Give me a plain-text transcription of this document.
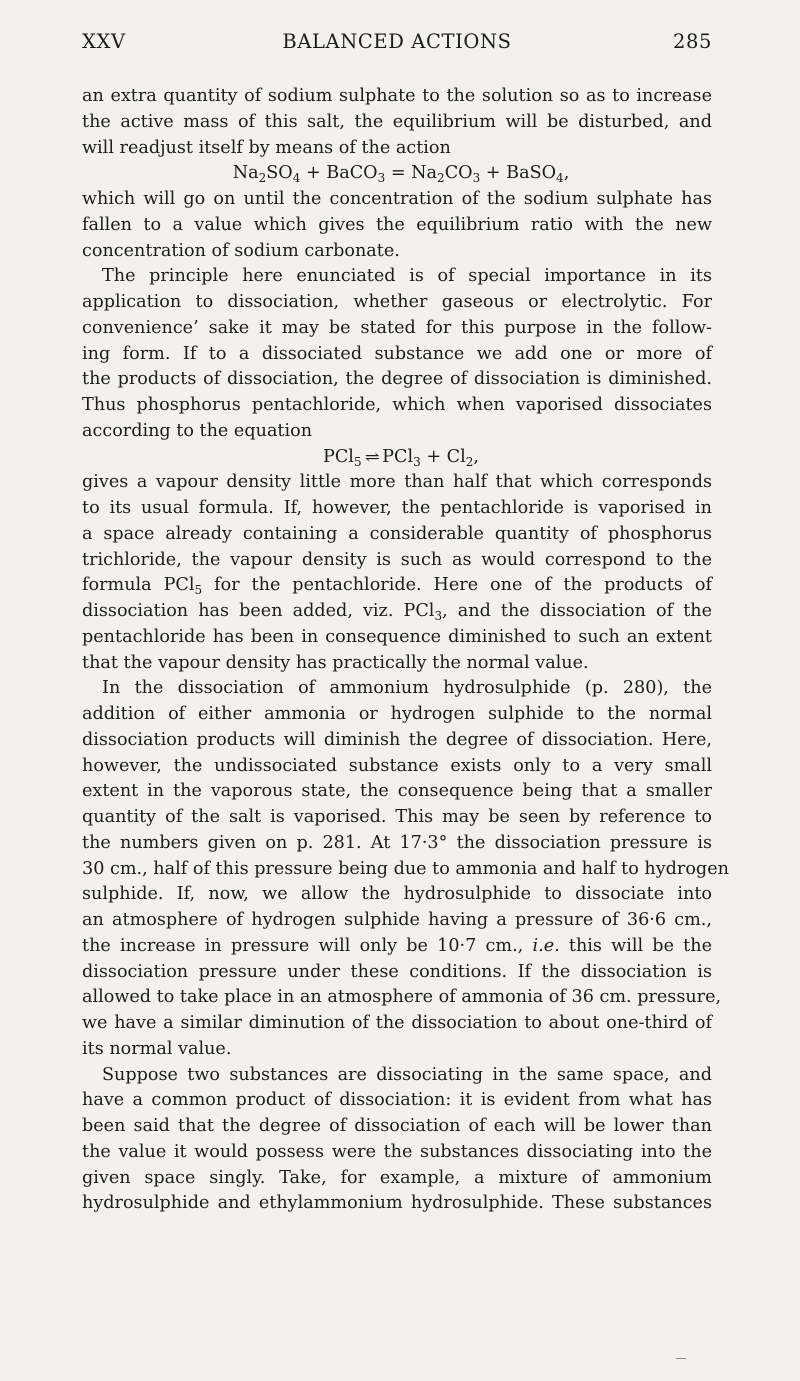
XXV	BALANCED ACTIONS	285
an extra quantity of sodium sulphate to the solution so as to increase
the active mass of this salt, the equilibrium will be disturbed, and
will readjust itself by means of the action
$Na_2SO_4$ + BaCO$_3$ = $Na_2CO_3$ + BaSO$_4$,
which will go on until the concentration of the sodium sulphate has
fallen to a value which gives the equilibrium ratio with the new
concentration of sodium carbonate.
The principle here enunciated is of special importance in its
application to dissociation, whether gaseous or electrolytic. For
convenience’ sake it may be stated for this purpose in the follow-
ing form. If to a dissociated substance we add one or more of
the products of dissociation, the degree of dissociation is diminished.
Thus phosphorus pentachloride, which when vaporised dissociates
according to the equation
PCl$_5$ ⇌ $PCl_3 + Cl_2$,
gives a vapour density little more than half that which corresponds
to its usual formula. If, however, the pentachloride is vaporised in
a space already containing a considerable quantity of phosphorus
trichloride, the vapour density is such as would correspond to the
formula PCl$_5$ for the pentachloride. Here one of the products of
dissociation has been added, viz. PCl$_3$, and the dissociation of the
pentachloride has been in consequence diminished to such an extent
that the vapour density has practically the normal value.
In the dissociation of ammonium hydrosulphide (p. 280), the
addition of either ammonia or hydrogen sulphide to the normal
dissociation products will diminish the degree of dissociation. Here,
however, the undissociated substance exists only to a very small
extent in the vaporous state, the consequence being that a smaller
quantity of the salt is vaporised. This may be seen by reference to
the numbers given on p. 281. At 17·3° the dissociation pressure is
30 cm., half of this pressure being due to ammonia and half to hydrogen
sulphide. If, now, we allow the hydrosulphide to dissociate into
an atmosphere of hydrogen sulphide having a pressure of 36·6 cm.,
the increase in pressure will only be 10·7 cm., i.e. this will be the
dissociation pressure under these conditions. If the dissociation is
allowed to take place in an atmosphere of ammonia of 36 cm. pressure,
we have a similar diminution of the dissociation to about one-third of
its normal value.
Suppose two substances are dissociating in the same space, and
have a common product of dissociation: it is evident from what has
been said that the degree of dissociation of each will be lower than
the value it would possess were the substances dissociating into the
given space singly. Take, for example, a mixture of ammonium
hydrosulphide and ethylammonium hydrosulphide. These substances
